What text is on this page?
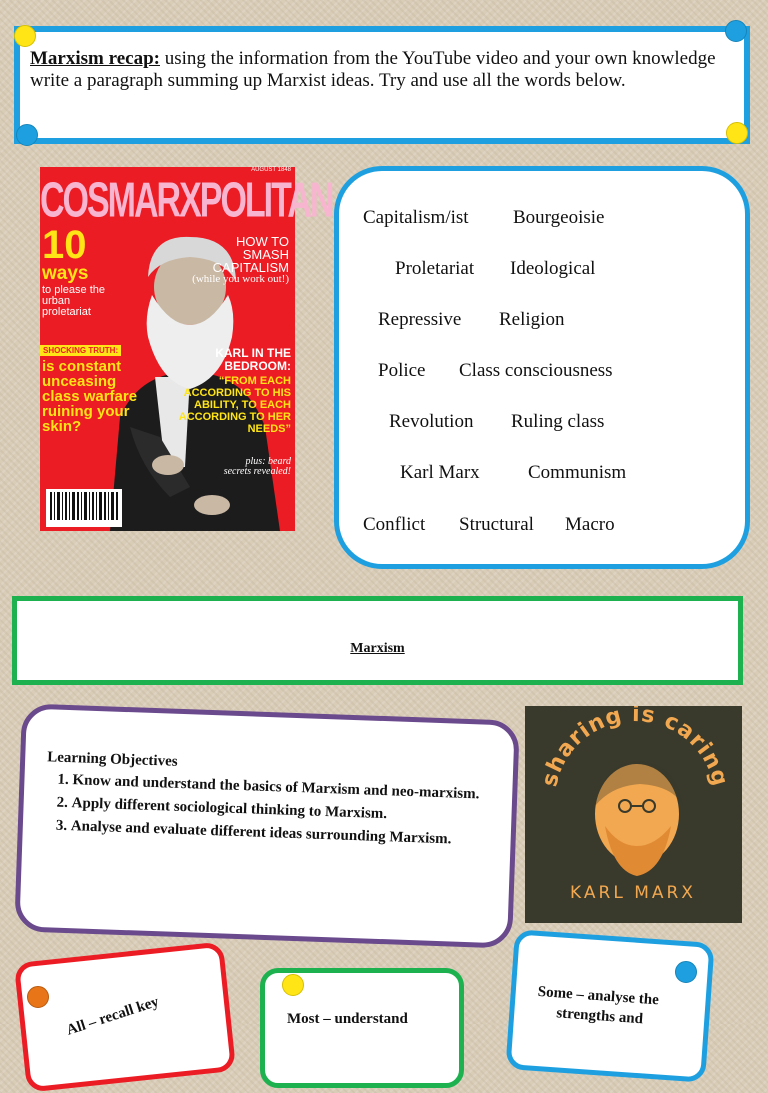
Marxism recap: using the information from the YouTube video and your own knowledge write a paragraph summing up Marxist ideas. Try and use all the words below.
COSMARXPOLITAN
AUGUST 1848
10
ways
to please the urban proletariat
HOW TO SMASH CAPITALISM
(while you work out!)
SHOCKING TRUTH:
is constant unceasing class warfare ruining your skin?
KARL IN THE BEDROOM:
“FROM EACH ACCORDING TO HIS ABILITY, TO EACH ACCORDING TO HER NEEDS”
plus: beard secrets revealed!
Capitalism/ist Bourgeoisie
Proletariat Ideological
Repressive Religion
Police Class consciousness
Revolution Ruling class
Karl Marx	Communism
Conflict Structural Macro
Marxism
Learning Objectives
1. Know and understand the basics of Marxism and neo-marxism.
2. Apply different sociological thinking to Marxism.
3. Analyse and evaluate different ideas surrounding Marxism.
sharing is caring
KARL MARX
All – recall key	Most – understand
Some – analyse the
strengths and
